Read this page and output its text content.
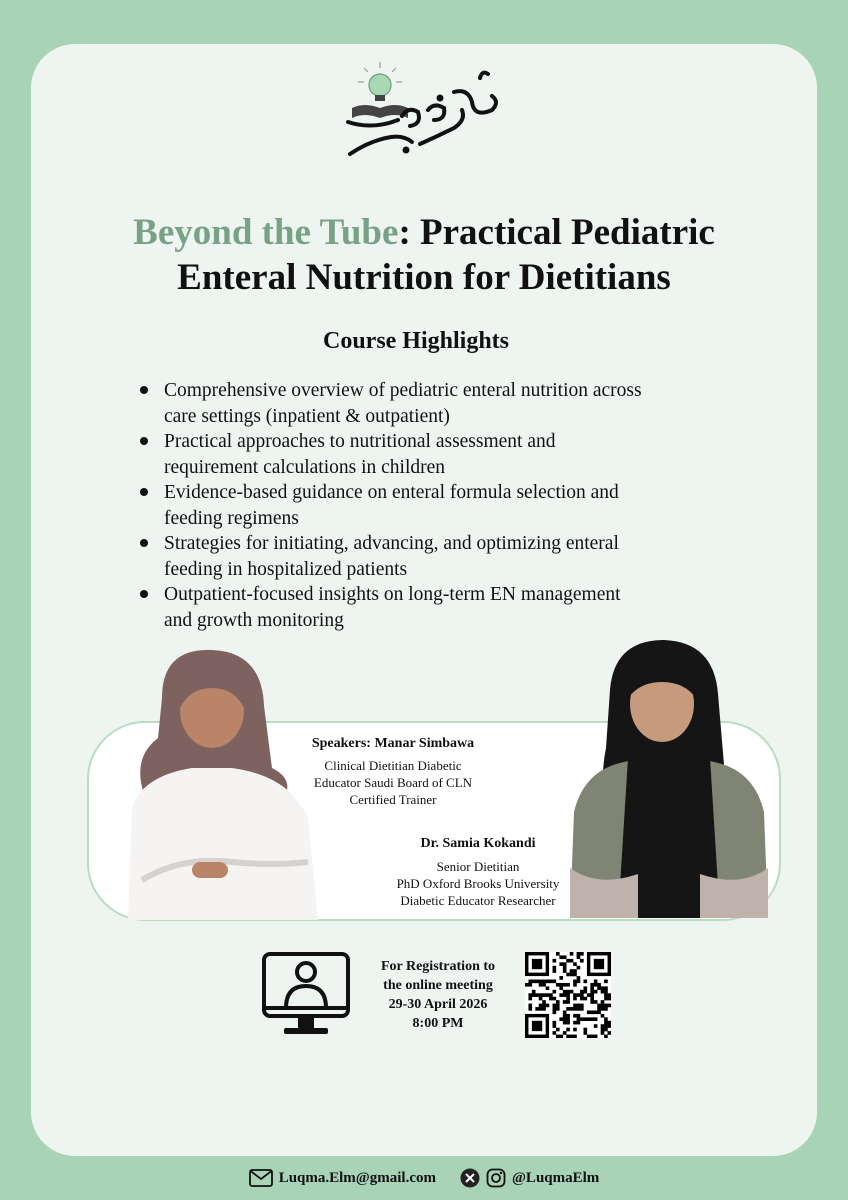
Beyond the Tube: Practical Pediatric
Enteral Nutrition for Dietitians
Course Highlights
Comprehensive overview of pediatric enteral nutrition across
care settings (inpatient & outpatient)
Practical approaches to nutritional assessment and
requirement calculations in children
Evidence-based guidance on enteral formula selection and
feeding regimens
Strategies for initiating, advancing, and optimizing enteral
feeding in hospitalized patients
Outpatient-focused insights on long-term EN management
and growth monitoring
Speakers: Manar Simbawa
Clinical Dietitian Diabetic
Educator Saudi Board of CLN
Certified Trainer
Dr. Samia Kokandi
Senior Dietitian
PhD Oxford Brooks University
Diabetic Educator Researcher
For Registration to
the online meeting
29-30 April 2026
8:00 PM
Luqma.Elm@gmail.com	@LuqmaElm
